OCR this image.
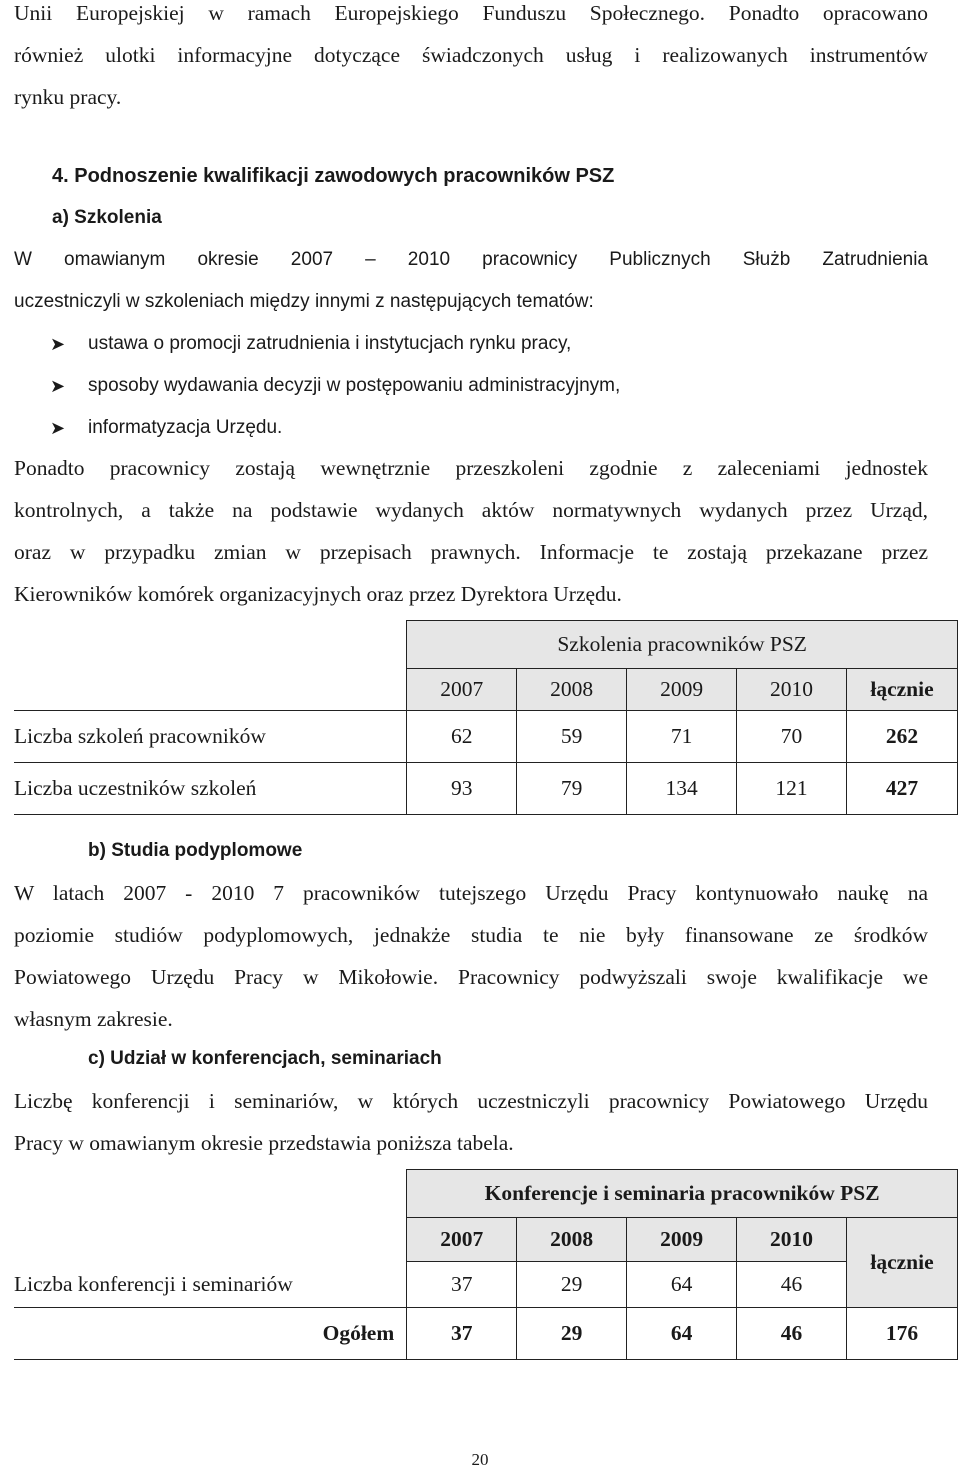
Unii Europejskiej w ramach Europejskiego Funduszu Społecznego. Ponadto opracowano
również ulotki informacyjne dotyczące świadczonych usług i realizowanych instrumentów
rynku pracy.
4. Podnoszenie kwalifikacji zawodowych pracowników PSZ
a) Szkolenia
W omawianym okresie 2007 – 2010 pracownicy Publicznych Służb Zatrudnienia
uczestniczyli w szkoleniach między innymi z następujących tematów:
➤ ustawa o promocji zatrudnienia i instytucjach rynku pracy,
➤ sposoby wydawania decyzji w postępowaniu administracyjnym,
➤ informatyzacja Urzędu.
Ponadto pracownicy zostają wewnętrznie przeszkoleni zgodnie z zaleceniami jednostek
kontrolnych, a także na podstawie wydanych aktów normatywnych wydanych przez Urząd,
oraz w przypadku zmian w przepisach prawnych. Informacje te zostają przekazane przez
Kierowników komórek organizacyjnych oraz przez Dyrektora Urzędu.
	Szkolenia pracowników PSZ				
	2007	2008	2009	2010	łącznie
Liczba szkoleń pracowników	62	59	71	70	262
Liczba uczestników szkoleń	93	79	134	121	427
b) Studia podyplomowe
W latach 2007 - 2010 7 pracowników tutejszego Urzędu Pracy kontynuowało naukę na
poziomie studiów podyplomowych, jednakże studia te nie były finansowane ze środków
Powiatowego Urzędu Pracy w Mikołowie. Pracownicy podwyższali swoje kwalifikacje we
własnym zakresie.
c) Udział w konferencjach, seminariach
Liczbę konferencji i seminariów, w których uczestniczyli pracownicy Powiatowego Urzędu
Pracy w omawianym okresie przedstawia poniższa tabela.
	Konferencje i seminaria pracowników PSZ				
	2007	2008	2009	2010	łącznie
Liczba konferencji i seminariów	37	29	64	46	
Ogółem	37	29	64	46	176
20
